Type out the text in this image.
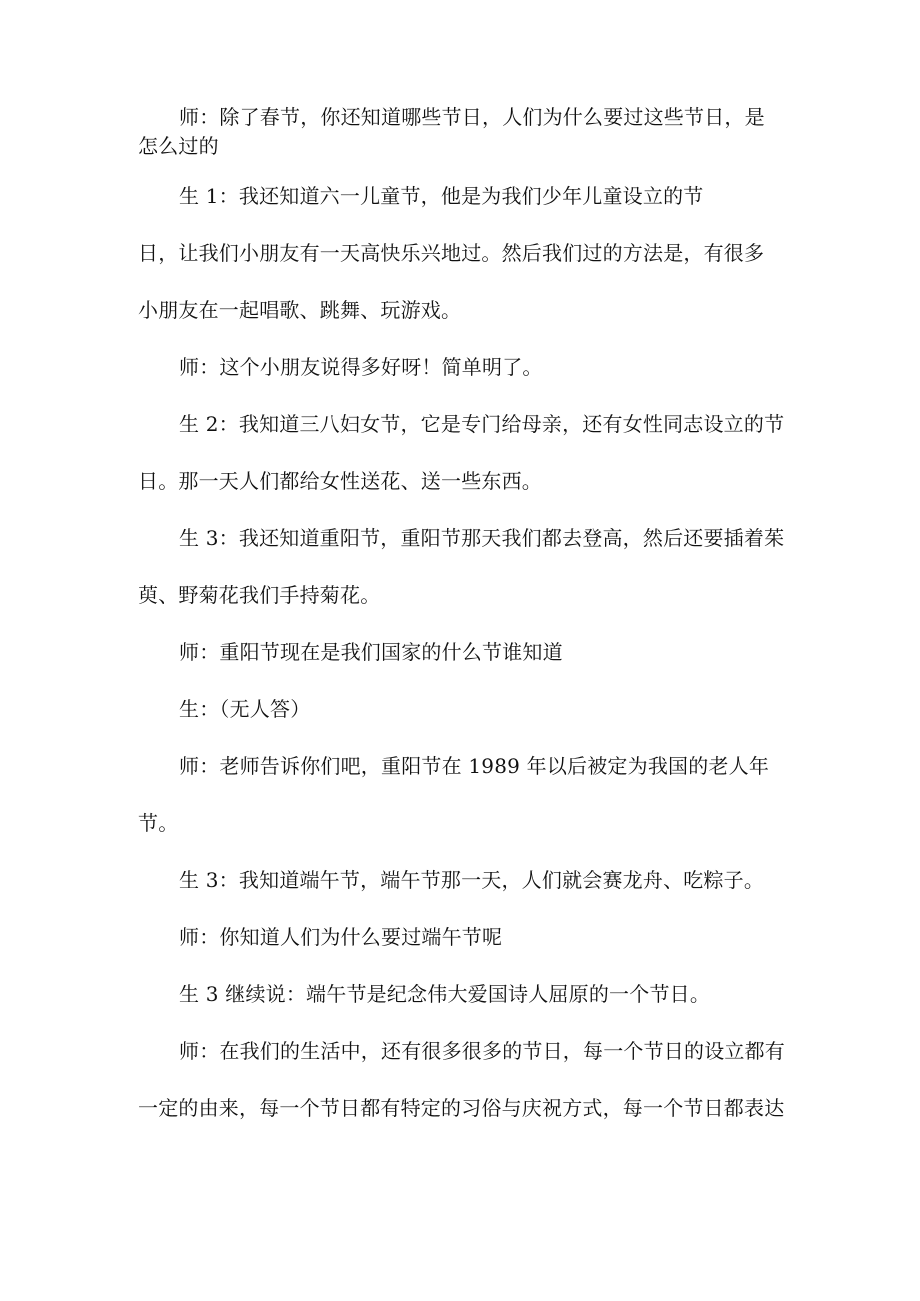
师：除了春节，你还知道哪些节日，人们为什么要过这些节日，是
怎么过的
生 1：我还知道六一儿童节，他是为我们少年儿童设立的节
日，让我们小朋友有一天高快乐兴地过。然后我们过的方法是，有很多
小朋友在一起唱歌、跳舞、玩游戏。
师：这个小朋友说得多好呀！简单明了。
生 2：我知道三八妇女节，它是专门给母亲，还有女性同志设立的节
日。那一天人们都给女性送花、送一些东西。
生 3：我还知道重阳节，重阳节那天我们都去登高，然后还要插着茱
萸、野菊花我们手持菊花。
师：重阳节现在是我们国家的什么节谁知道
生：（无人答）
师：老师告诉你们吧，重阳节在 1989 年以后被定为我国的老人年
节。
生 3：我知道端午节，端午节那一天，人们就会赛龙舟、吃粽子。
师：你知道人们为什么要过端午节呢
生 3 继续说：端午节是纪念伟大爱国诗人屈原的一个节日。
师：在我们的生活中，还有很多很多的节日，每一个节日的设立都有
一定的由来，每一个节日都有特定的习俗与庆祝方式，每一个节日都表达
